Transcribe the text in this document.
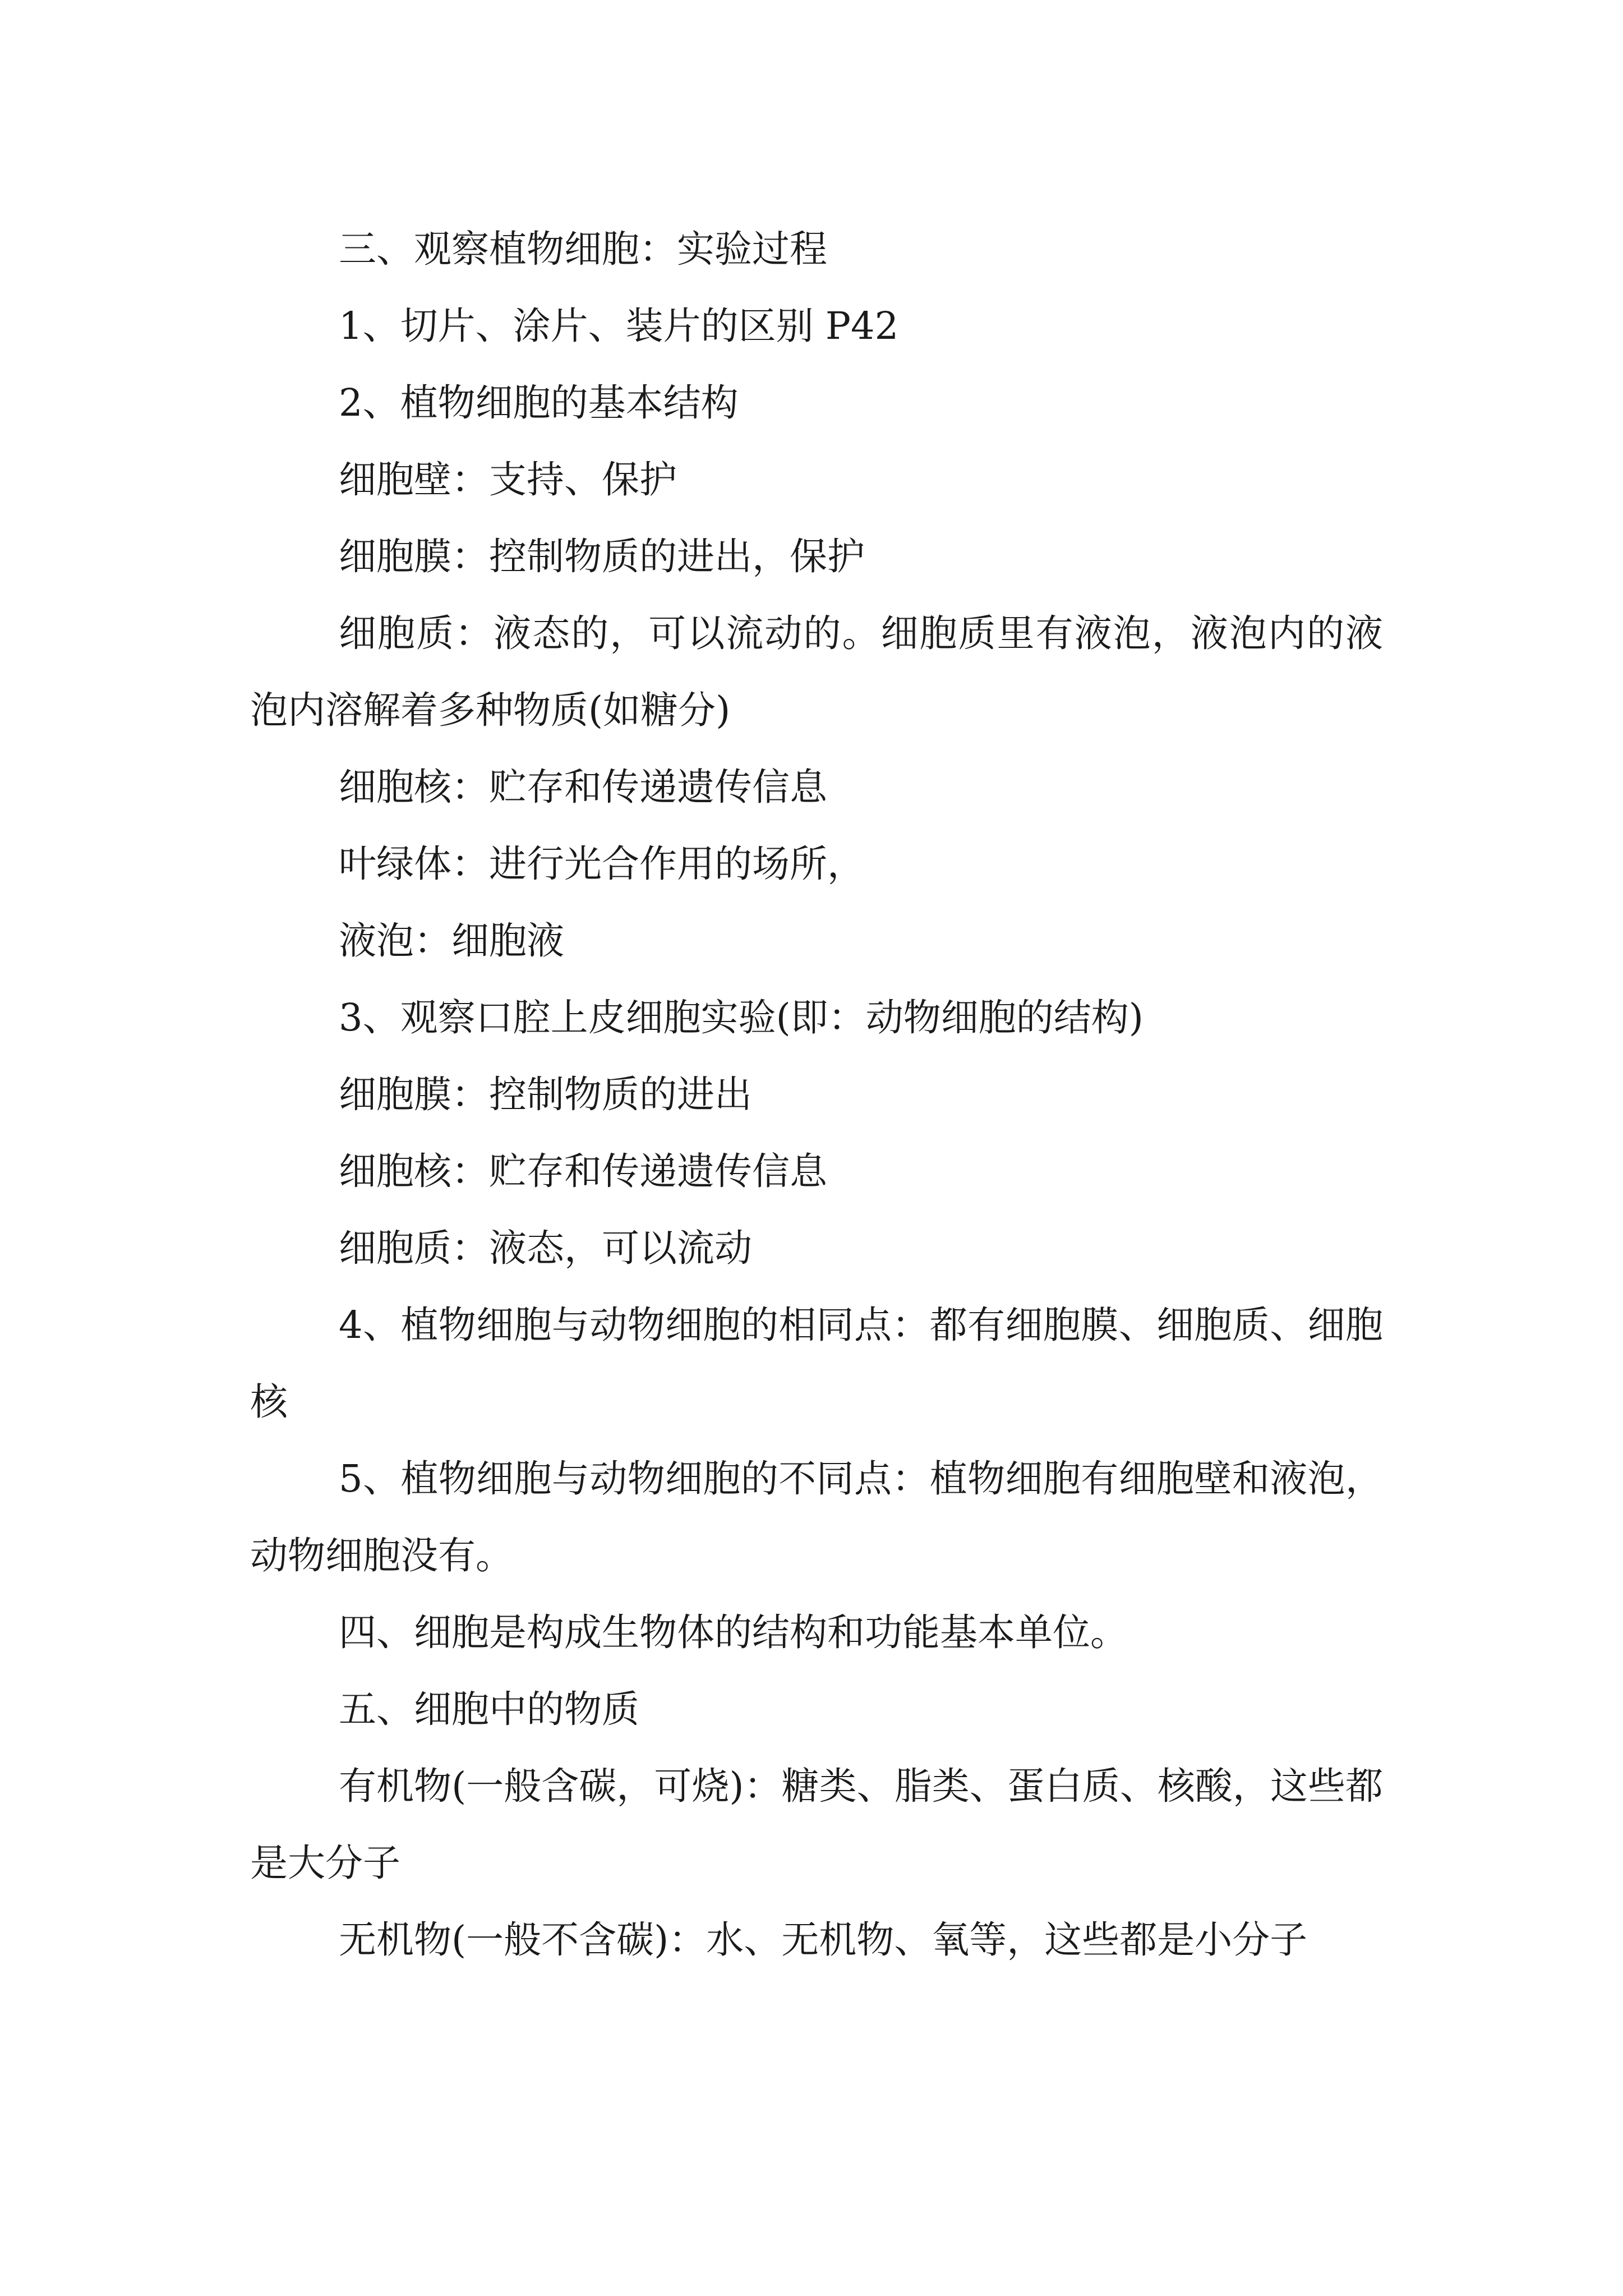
三、观察植物细胞：实验过程

1、切片、涂片、装片的区别 P42

2、植物细胞的基本结构

细胞壁：支持、保护

细胞膜：控制物质的进出，保护

细胞质：液态的，可以流动的。细胞质里有液泡，液泡内的液泡内溶解着多种物质(如糖分)

细胞核：贮存和传递遗传信息

叶绿体：进行光合作用的场所，

液泡：细胞液

3、观察口腔上皮细胞实验(即：动物细胞的结构)

细胞膜：控制物质的进出

细胞核：贮存和传递遗传信息

细胞质：液态，可以流动

4、植物细胞与动物细胞的相同点：都有细胞膜、细胞质、细胞核

5、植物细胞与动物细胞的不同点：植物细胞有细胞壁和液泡，动物细胞没有。

四、细胞是构成生物体的结构和功能基本单位。

五、细胞中的物质

有机物(一般含碳，可烧)：糖类、脂类、蛋白质、核酸，这些都是大分子

无机物(一般不含碳)：水、无机物、氧等，这些都是小分子
